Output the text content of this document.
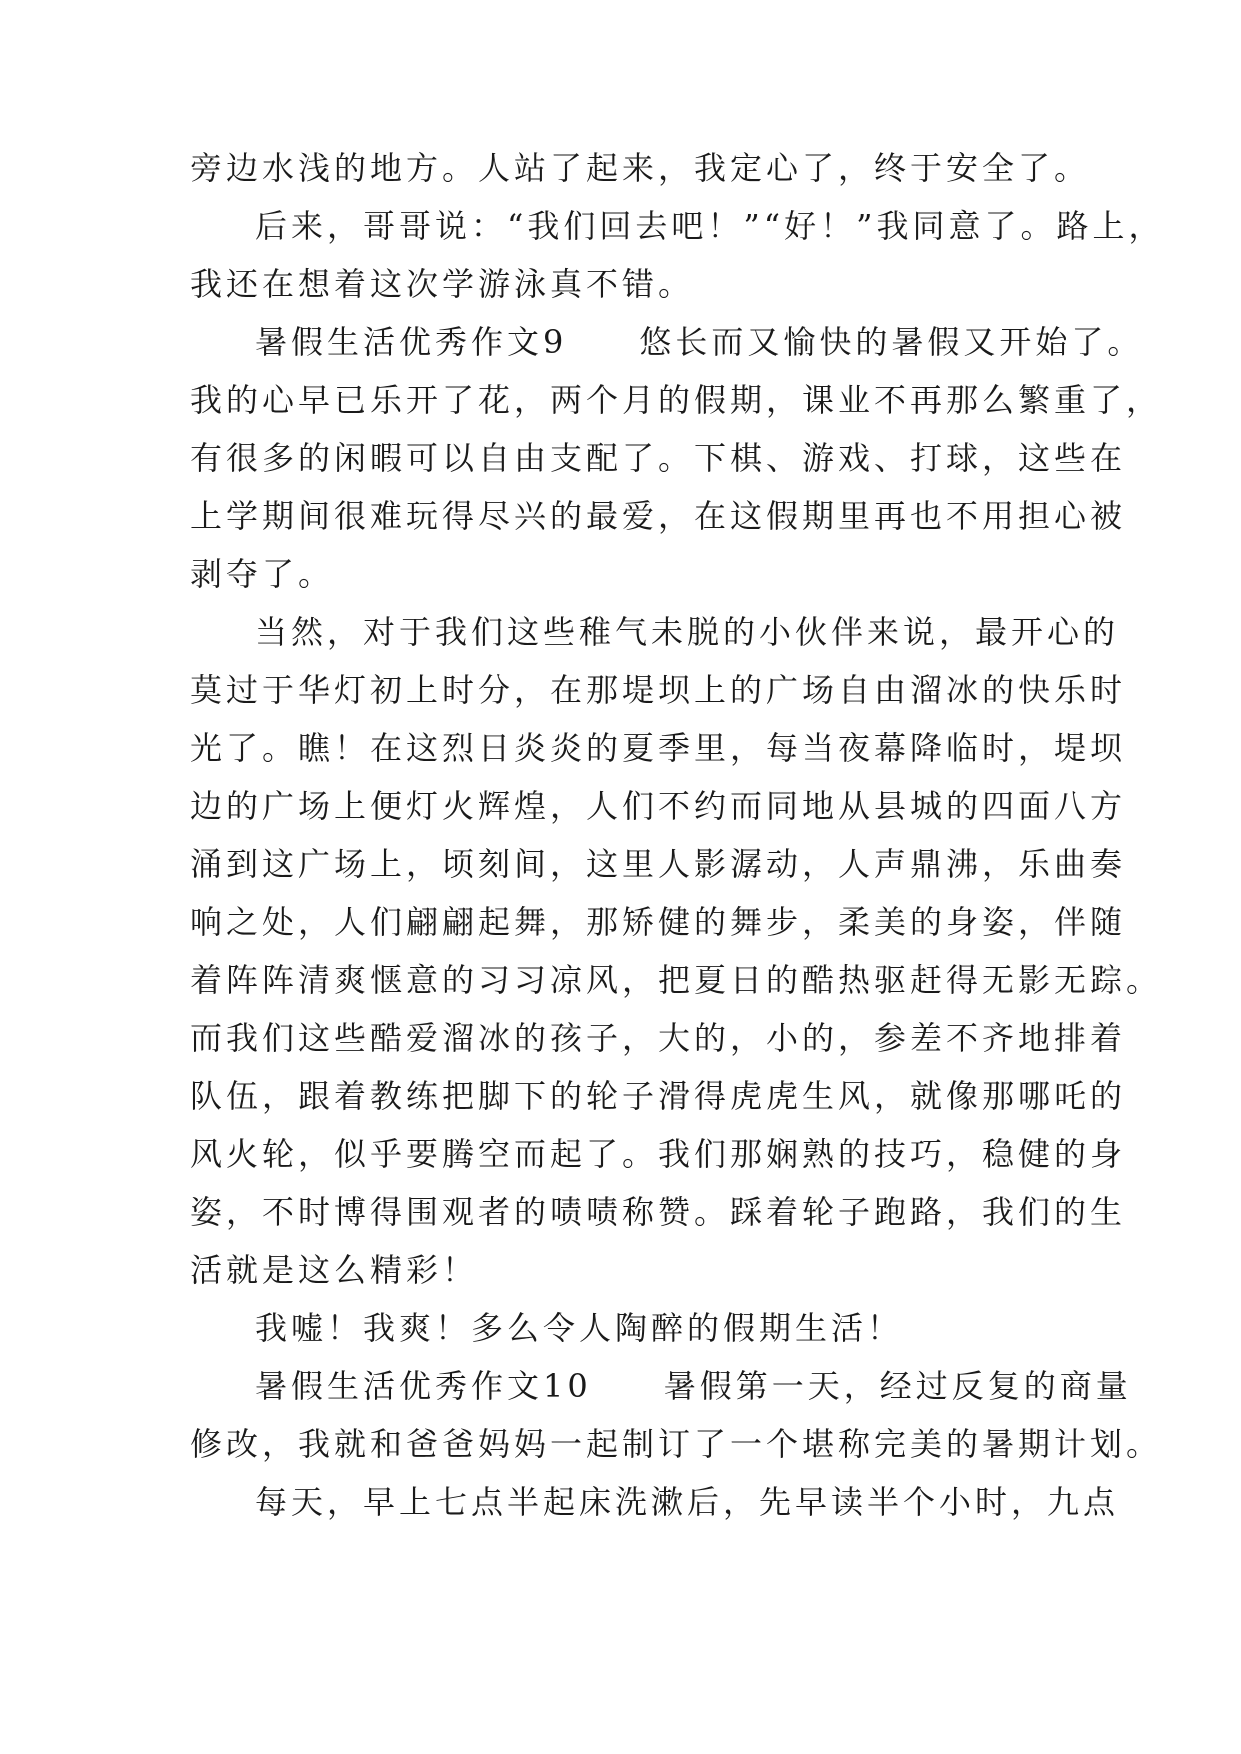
旁边水浅的地方。人站了起来，我定心了，终于安全了。
后来，哥哥说：“我们回去吧！”“好！”我同意了。路上，
我还在想着这次学游泳真不错。
暑假生活优秀作文9　　悠长而又愉快的暑假又开始了。
我的心早已乐开了花，两个月的假期，课业不再那么繁重了，
有很多的闲暇可以自由支配了。下棋、游戏、打球，这些在
上学期间很难玩得尽兴的最爱，在这假期里再也不用担心被
剥夺了。
当然，对于我们这些稚气未脱的小伙伴来说，最开心的
莫过于华灯初上时分，在那堤坝上的广场自由溜冰的快乐时
光了。瞧！在这烈日炎炎的夏季里，每当夜幕降临时，堤坝
边的广场上便灯火辉煌，人们不约而同地从县城的四面八方
涌到这广场上，顷刻间，这里人影潺动，人声鼎沸，乐曲奏
响之处，人们翩翩起舞，那矫健的舞步，柔美的身姿，伴随
着阵阵清爽惬意的习习凉风，把夏日的酷热驱赶得无影无踪。
而我们这些酷爱溜冰的孩子，大的，小的，参差不齐地排着
队伍，跟着教练把脚下的轮子滑得虎虎生风，就像那哪吒的
风火轮，似乎要腾空而起了。我们那娴熟的技巧，稳健的身
姿，不时博得围观者的啧啧称赞。踩着轮子跑路，我们的生
活就是这么精彩！
我嘘！我爽！多么令人陶醉的假期生活！
暑假生活优秀作文10　　暑假第一天，经过反复的商量
修改，我就和爸爸妈妈一起制订了一个堪称完美的暑期计划。
每天，早上七点半起床洗漱后，先早读半个小时，九点
